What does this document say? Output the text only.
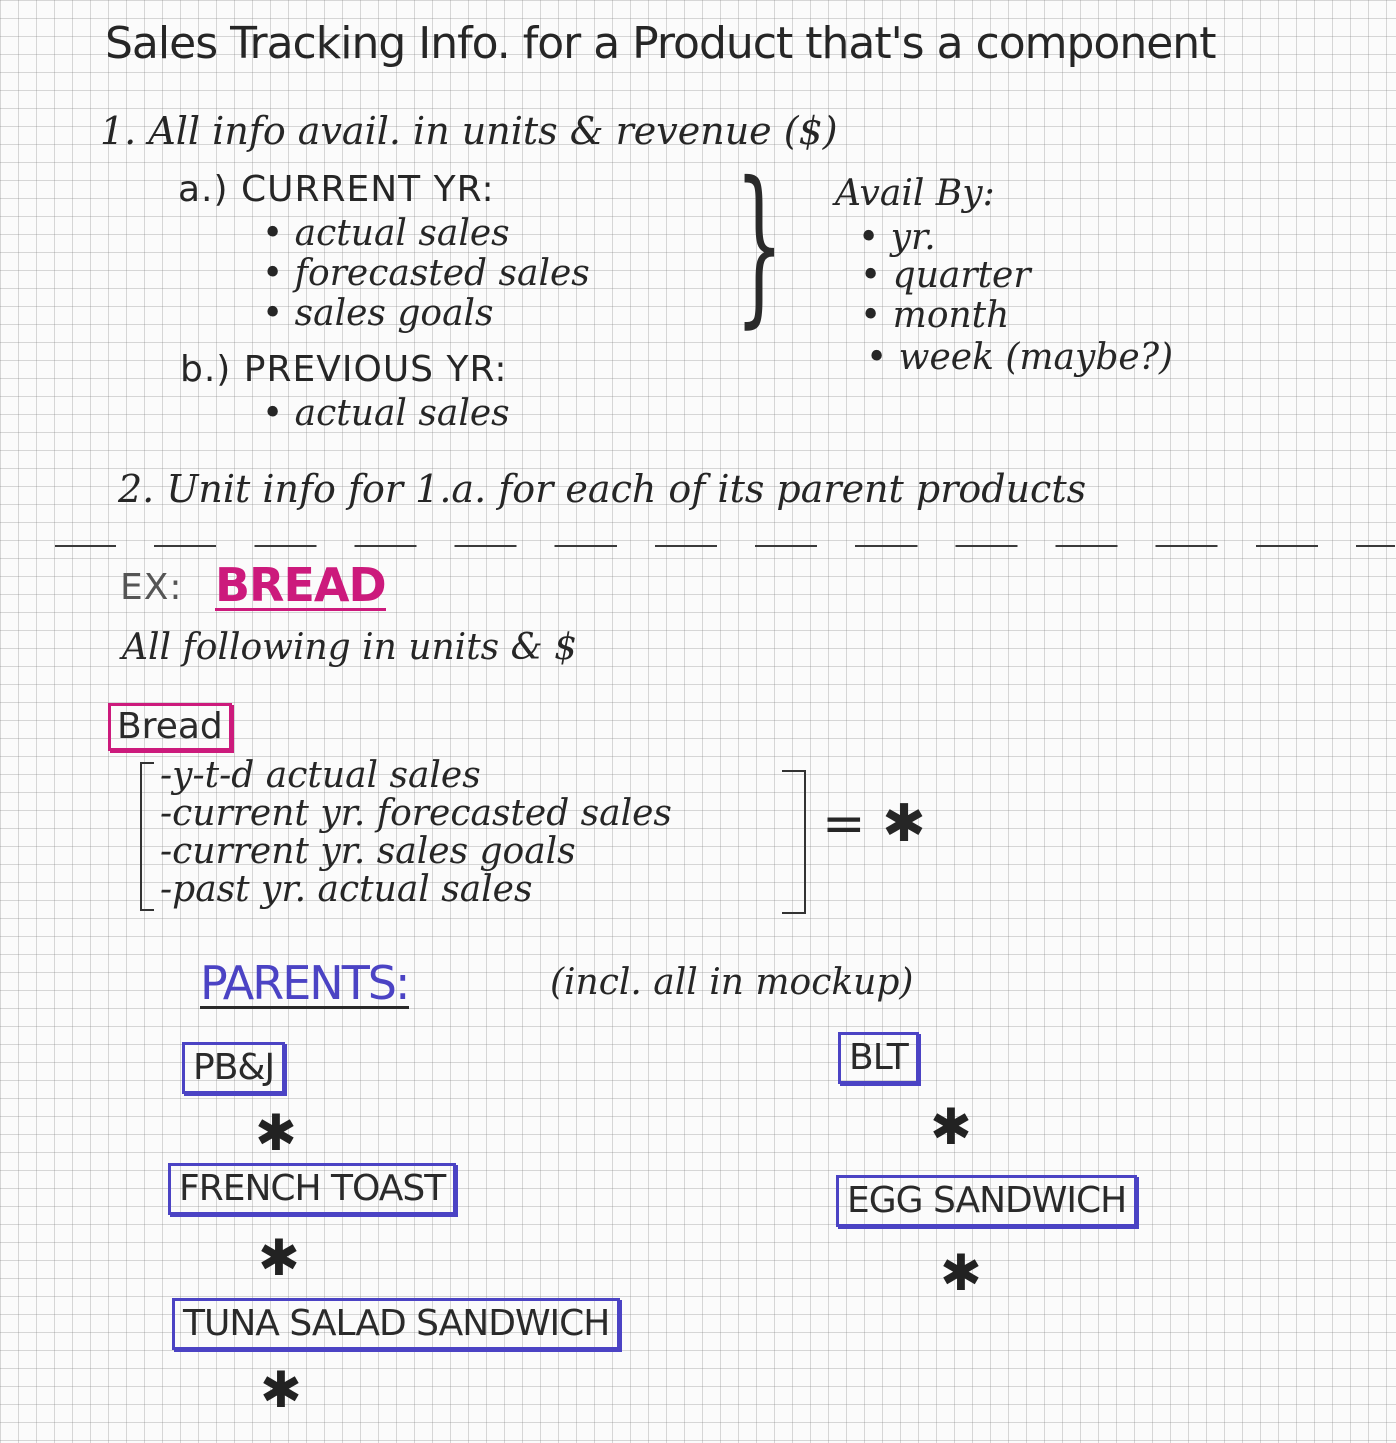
Sales Tracking Info. for a Product that's a component
1. All info avail. in units & revenue ($)
a.) CURRENT YR:
• actual sales
• forecasted sales
• sales goals } Avail By:
• yr.
• quarter
• month
• week (maybe?)
b.) PREVIOUS YR:
• actual sales
2. Unit info for 1.a. for each of its parent products
EX: BREAD
All following in units & $
Bread
-y-t-d actual sales
-current yr. forecasted sales
-current yr. sales goals
-past yr. actual sales
= ✱
PARENTS:	(incl. all in mockup)
PB&J
✱
FRENCH TOAST
✱
TUNA SALAD SANDWICH
✱
BLT
✱
EGG SANDWICH
✱
